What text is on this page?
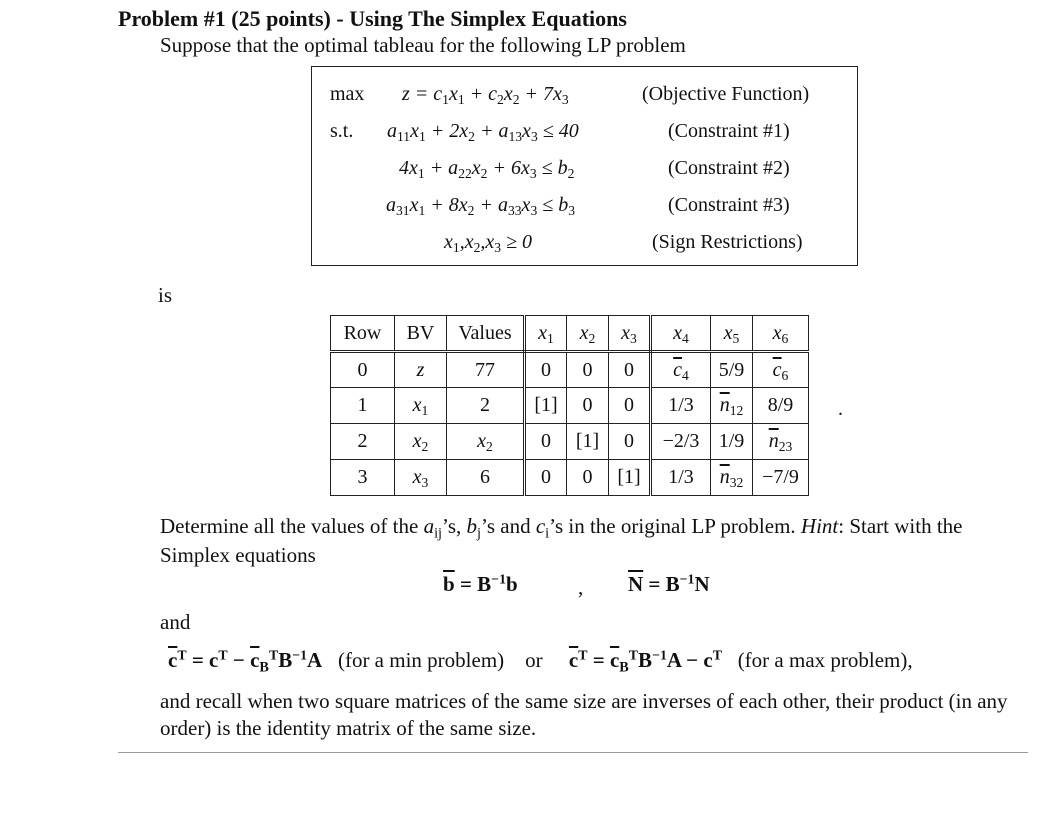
Problem #1 (25 points) - Using The Simplex Equations
Suppose that the optimal tableau for the following LP problem
$\max z = c_1x_1 + c_2x_2 + 7x_3$	(Objective Function)
s.t. $a_{11}x_1 + 2x_2 + a_{13}x_3 \le 40$	(Constraint #1)
$4x_1 + a_{22}x_2 + 6x_3 \le b_2$	(Constraint #2)
$a_{31}x_1 + 8x_2 + a_{33}x_3 \le b_3$	(Constraint #3)
$x_1,x_2,x_3 \ge 0$	(Sign Restrictions)
is
Row	BV	Values	$x_1$	$x_2$	$x_3$	$x_4$	$x_5$	$x_6$
0	z	77	0	0	0	$\overline{c}_4$	5/9	$\overline{c}_6$
1	$x_1$	2	[1]	0	0	1/3	$\overline{n}_{12}$	8/9
2	$x_2$	$x_2$	0	[1]	0	−2/3	1/9	$\overline{n}_{23}$
3	$x_3$	6	0	0	[1]	1/3	$\overline{n}_{32}$	−7/9
.
Determine all the values of the $a_{ij}’s$, $b_j’s$ and $c_i’s$ in the original LP problem. Hint: Start with the Simplex equations
$\overline{b} = B^{-1}b$	, $\overline{N} = B^{-1}N$
and
$\overline{c}^T = c^T - \overline{c}_B^TB^{-1}A$ (for a min problem) or $\overline{c}^T = \overline{c}_B^TB^{-1}A - c^T$ (for a max problem),
and recall when two square matrices of the same size are inverses of each other, their product (in any order) is the identity matrix of the same size.
